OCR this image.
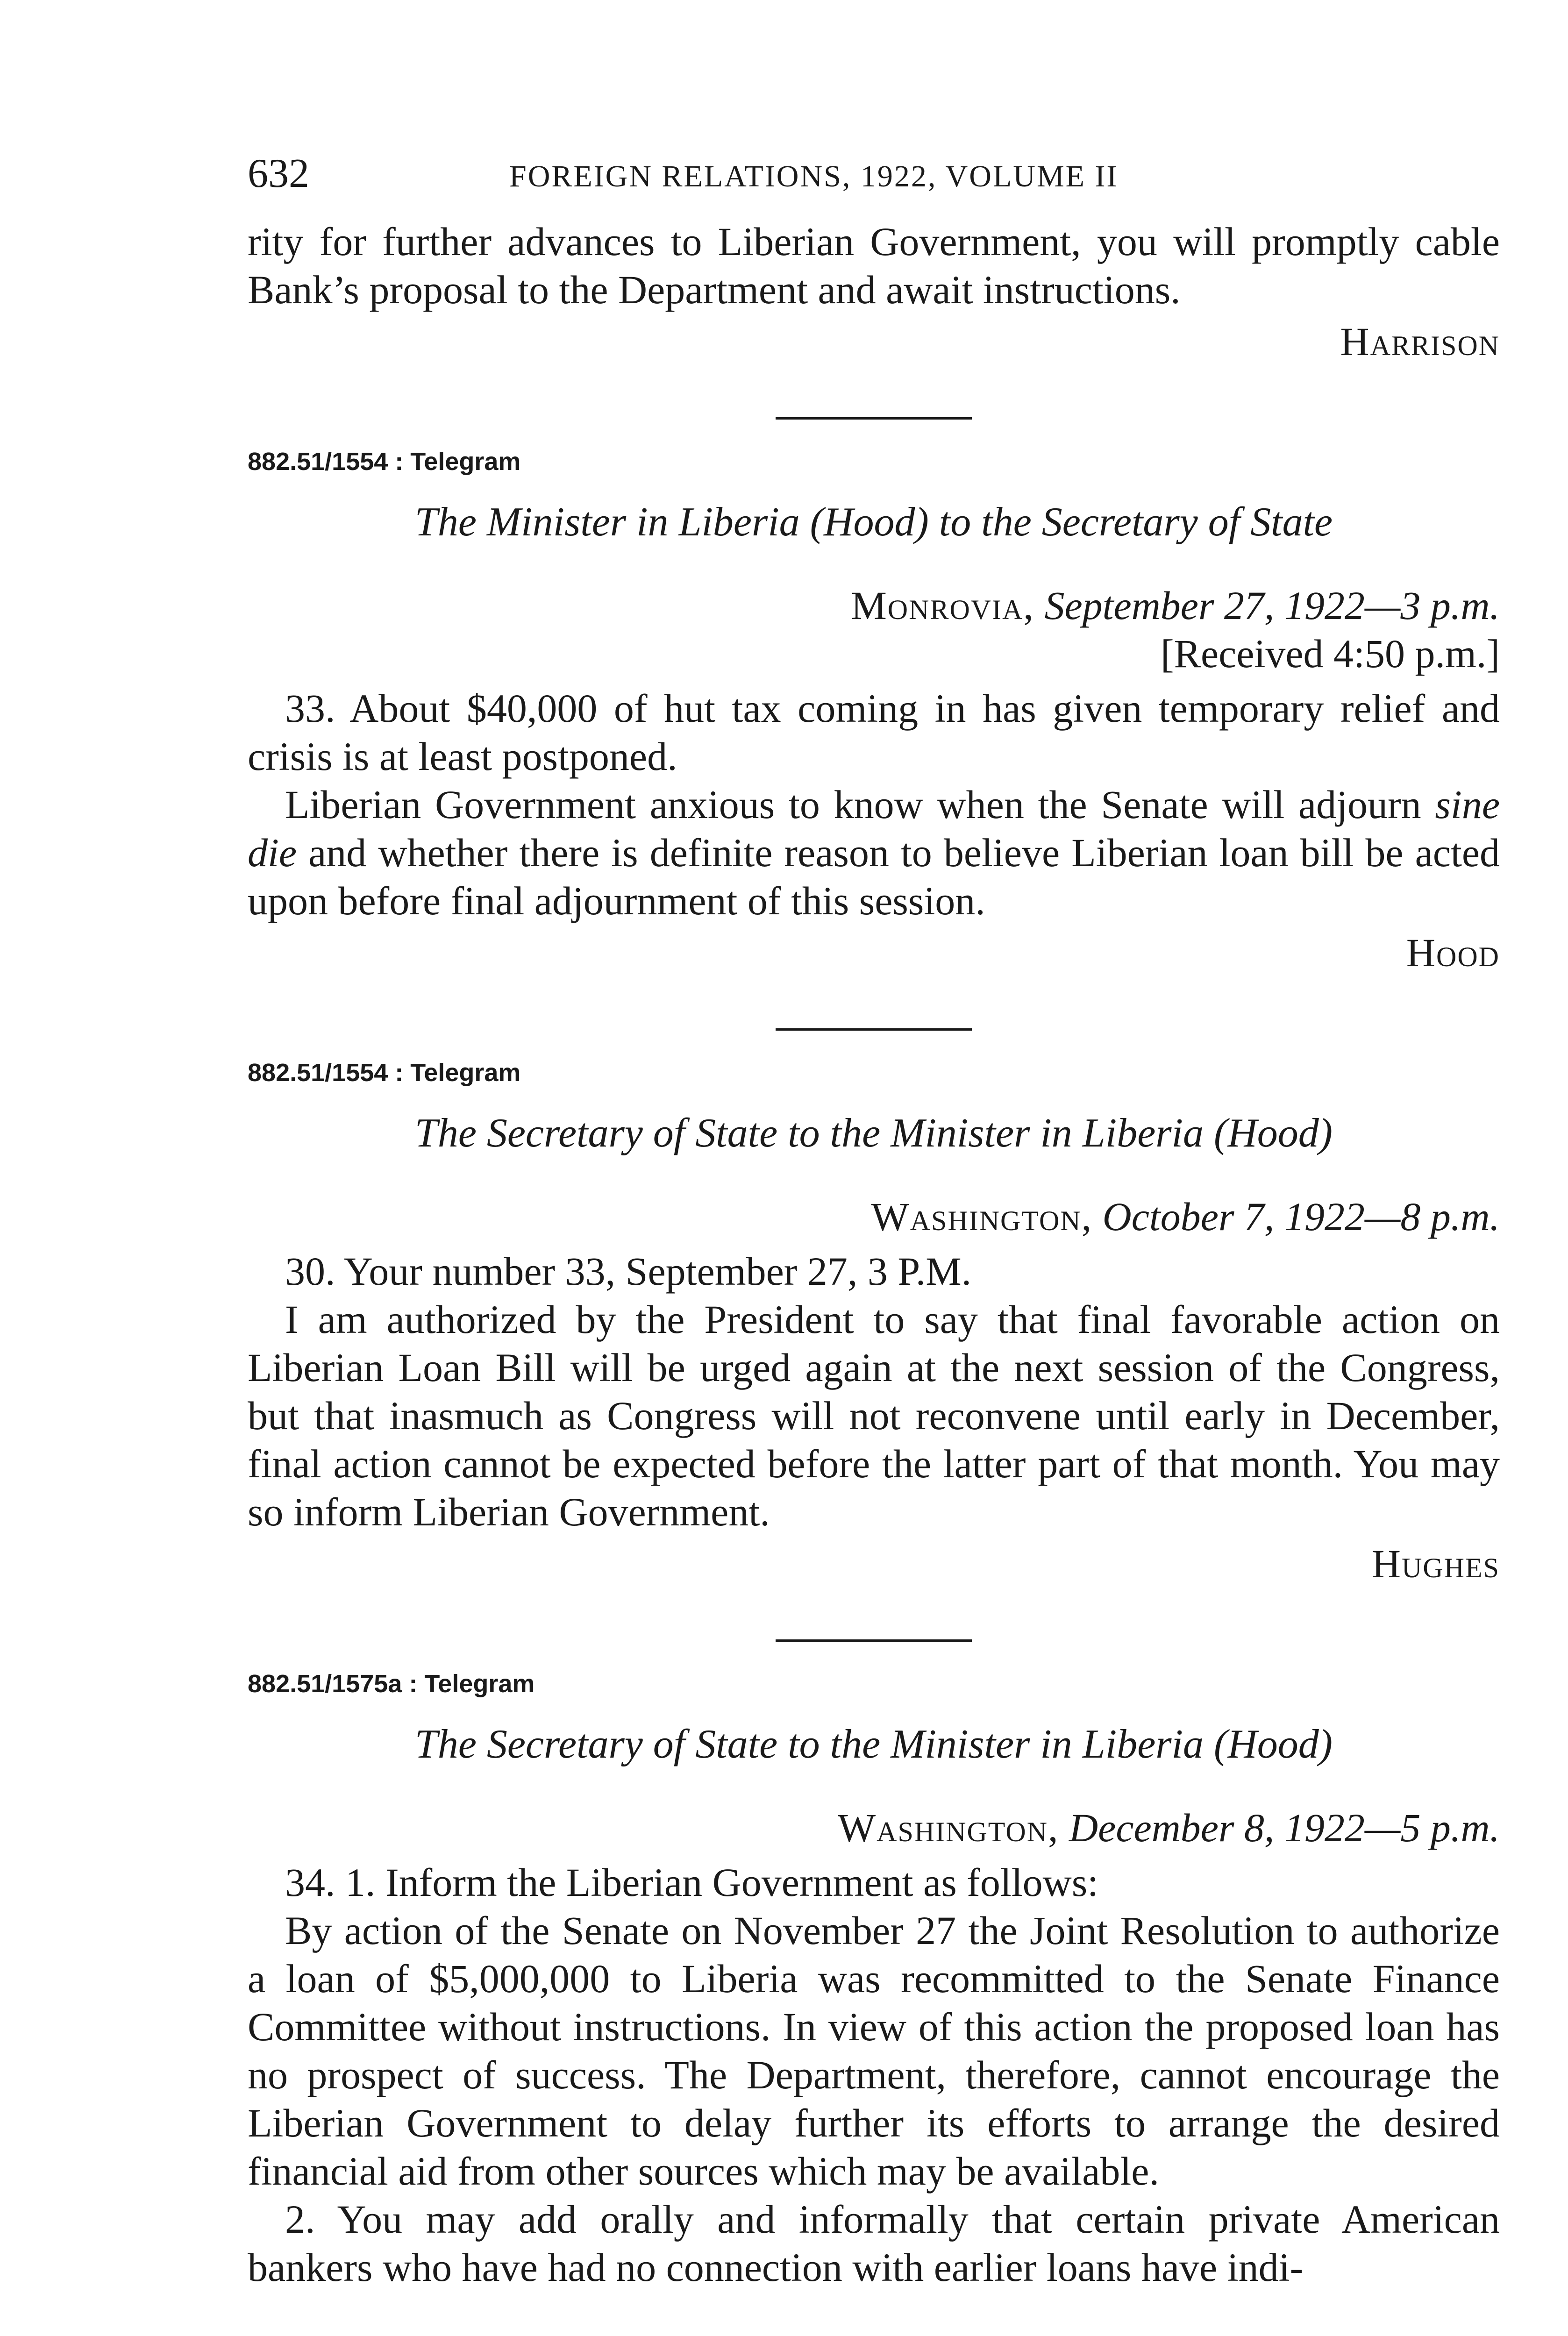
632	FOREIGN RELATIONS, 1922, VOLUME II

rity for further advances to Liberian Government, you will promptly cable Bank’s proposal to the Department and await instructions.

Harrison
882.51/1554 : Telegram
The Minister in Liberia (Hood) to the Secretary of State
Monrovia, September 27, 1922—3 p.m.
[Received 4:50 p.m.]

33. About $40,000 of hut tax coming in has given temporary relief and crisis is at least postponed.

Liberian Government anxious to know when the Senate will adjourn sine die and whether there is definite reason to believe Liberian loan bill be acted upon before final adjournment of this session.

Hood
882.51/1554 : Telegram
The Secretary of State to the Minister in Liberia (Hood)
Washington, October 7, 1922—8 p.m.

30. Your number 33, September 27, 3 P.M.

I am authorized by the President to say that final favorable action on Liberian Loan Bill will be urged again at the next session of the Congress, but that inasmuch as Congress will not reconvene until early in December, final action cannot be expected before the latter part of that month. You may so inform Liberian Government.

Hughes
882.51/1575a : Telegram
The Secretary of State to the Minister in Liberia (Hood)
Washington, December 8, 1922—5 p.m.

34. 1. Inform the Liberian Government as follows:

By action of the Senate on November 27 the Joint Resolution to authorize a loan of $5,000,000 to Liberia was recommitted to the Senate Finance Committee without instructions. In view of this action the proposed loan has no prospect of success. The Department, therefore, cannot encourage the Liberian Government to delay further its efforts to arrange the desired financial aid from other sources which may be available.

2. You may add orally and informally that certain private American bankers who have had no connection with earlier loans have indi-
